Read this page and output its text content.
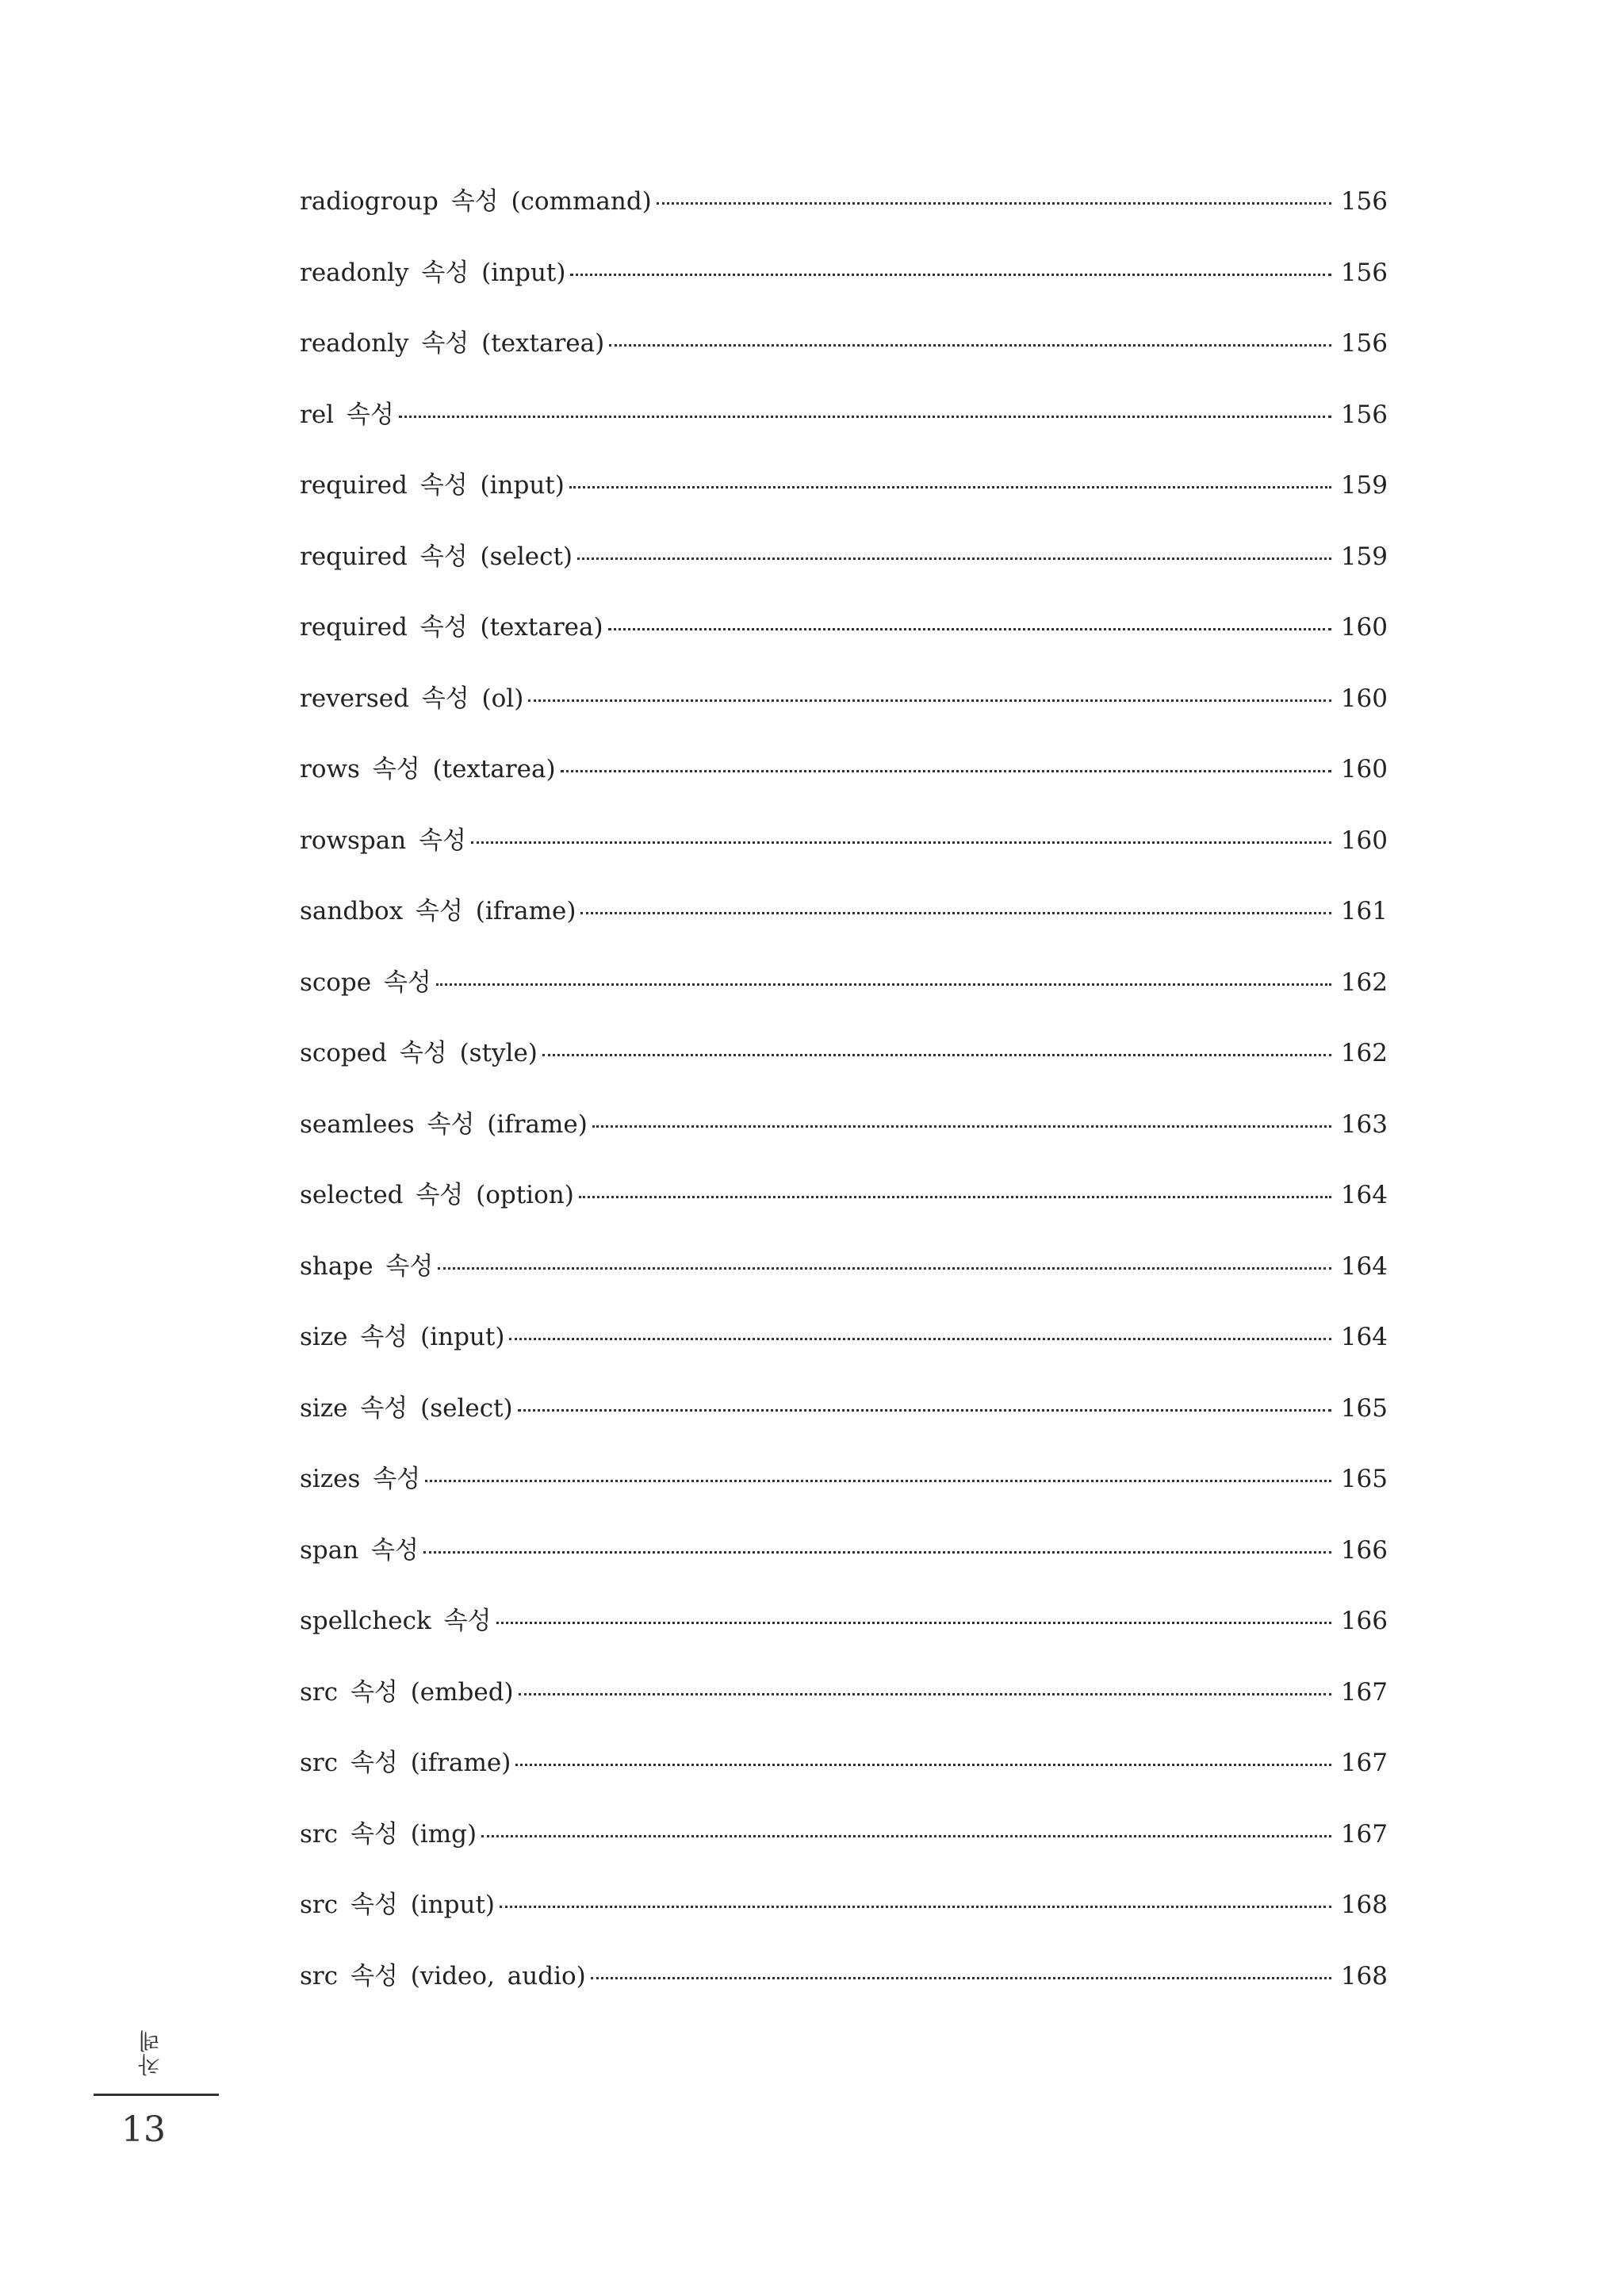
radiogroup 속성 (command)	156
readonly 속성 (input)	156
readonly 속성 (textarea)	156
rel 속성	156
required 속성 (input)	159
required 속성 (select)	159
required 속성 (textarea)	160
reversed 속성 (ol)	160
rows 속성 (textarea)	160
rowspan 속성	160
sandbox 속성 (iframe)	161
scope 속성	162
scoped 속성 (style)	162
seamlees 속성 (iframe)	163
selected 속성 (option)	164
shape 속성	164
size 속성 (input)	164
size 속성 (select)	165
sizes 속성	165
span 속성	166
spellcheck 속성	166
src 속성 (embed)	167
src 속성 (iframe)	167
src 속성 (img)	167
src 속성 (input)	168
src 속성 (video, audio)	168
차례
13
